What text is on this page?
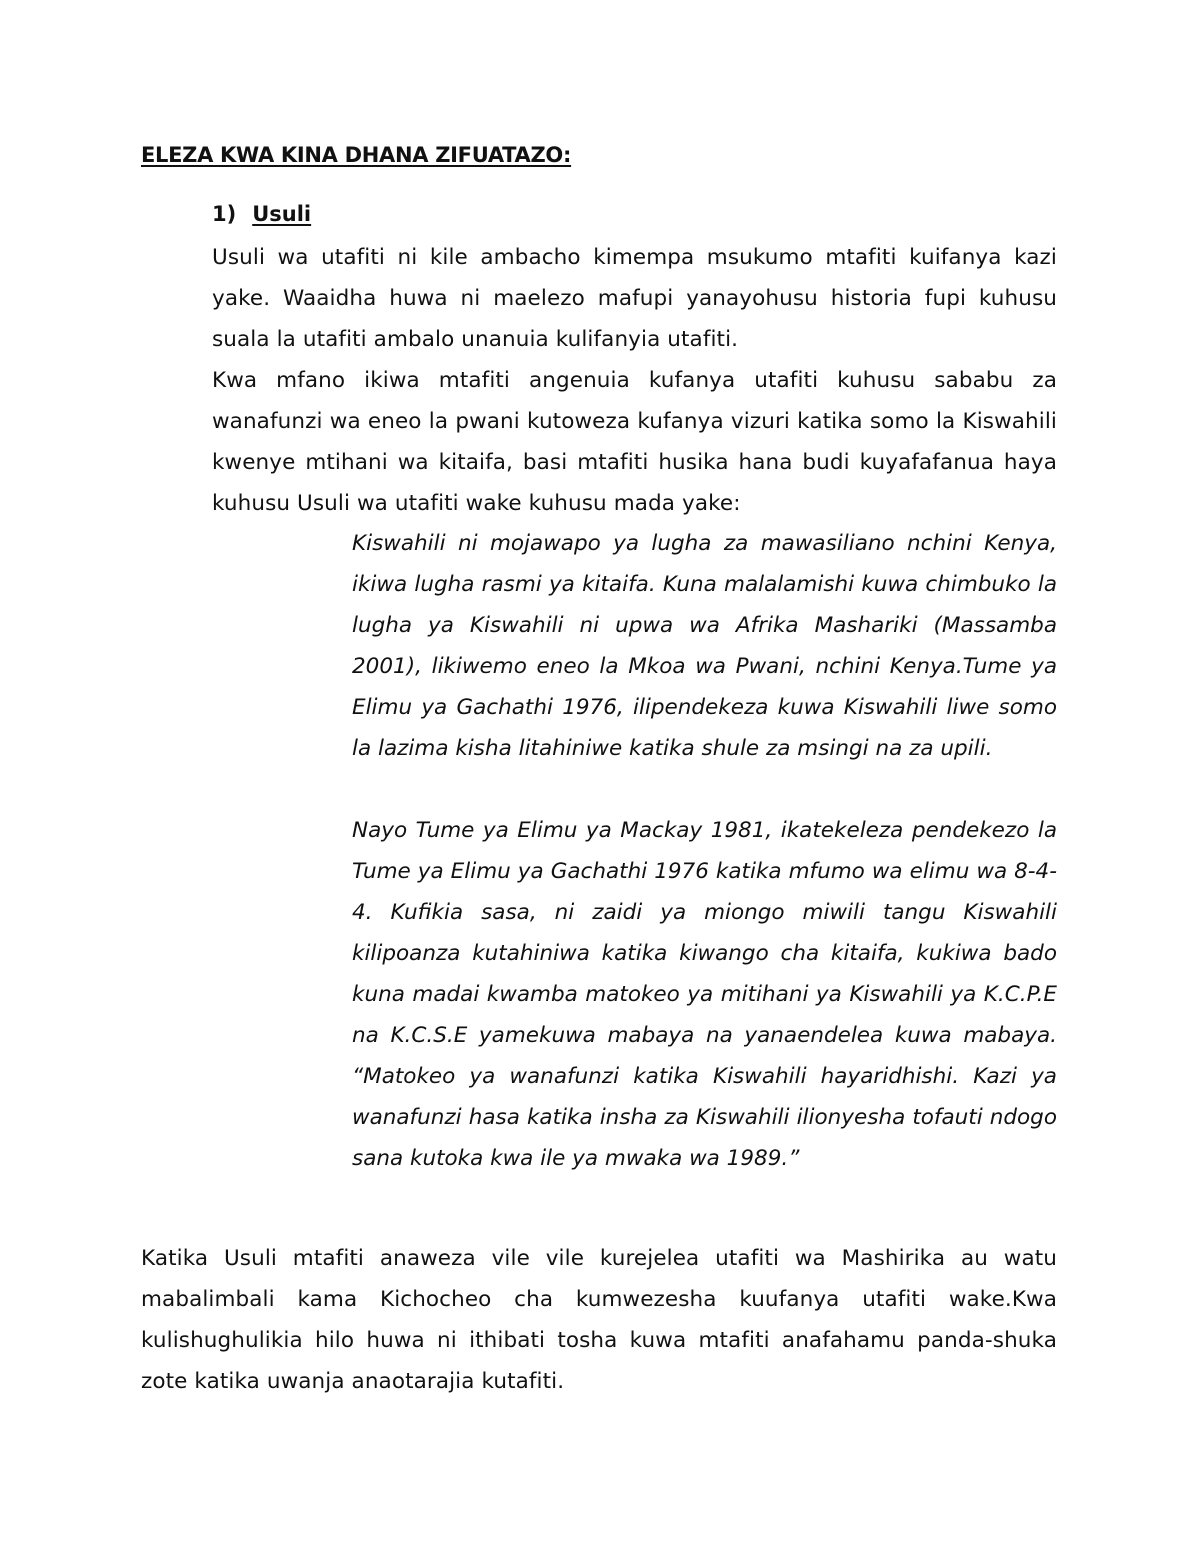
ELEZA KWA KINA DHANA ZIFUATAZO:
1) Usuli

Usuli wa utafiti ni kile ambacho kimempa msukumo mtafiti kuifanya kazi yake. Waaidha huwa ni maelezo mafupi yanayohusu historia fupi kuhusu suala la utafiti ambalo unanuia kulifanyia utafiti.

Kwa mfano ikiwa mtafiti angenuia kufanya utafiti kuhusu sababu za wanafunzi wa eneo la pwani kutoweza kufanya vizuri katika somo la Kiswahili kwenye mtihani wa kitaifa, basi mtafiti husika hana budi kuyafafanua haya kuhusu Usuli wa utafiti wake kuhusu mada yake:

Kiswahili ni mojawapo ya lugha za mawasiliano nchini Kenya, ikiwa lugha rasmi ya kitaifa. Kuna malalamishi kuwa chimbuko la lugha ya Kiswahili ni upwa wa Afrika Mashariki (Massamba 2001), likiwemo eneo la Mkoa wa Pwani, nchini Kenya.Tume ya Elimu ya Gachathi 1976, ilipendekeza kuwa Kiswahili liwe somo la lazima kisha litahiniwe katika shule za msingi na za upili.

Nayo Tume ya Elimu ya Mackay 1981, ikatekeleza pendekezo la Tume ya Elimu ya Gachathi 1976 katika mfumo wa elimu wa 8-4-4. Kufikia sasa, ni zaidi ya miongo miwili tangu Kiswahili kilipoanza kutahiniwa katika kiwango cha kitaifa, kukiwa bado kuna madai kwamba matokeo ya mitihani ya Kiswahili ya K.C.P.E na K.C.S.E yamekuwa mabaya na yanaendelea kuwa mabaya. “Matokeo ya wanafunzi katika Kiswahili hayaridhishi. Kazi ya wanafunzi hasa katika insha za Kiswahili ilionyesha tofauti ndogo sana kutoka kwa ile ya mwaka wa 1989.”

Katika Usuli mtafiti anaweza vile vile kurejelea utafiti wa Mashirika au watu mabalimbali kama Kichocheo cha kumwezesha kuufanya utafiti wake.Kwa kulishughulikia hilo huwa ni ithibati tosha kuwa mtafiti anafahamu panda-shuka zote katika uwanja anaotarajia kutafiti.
